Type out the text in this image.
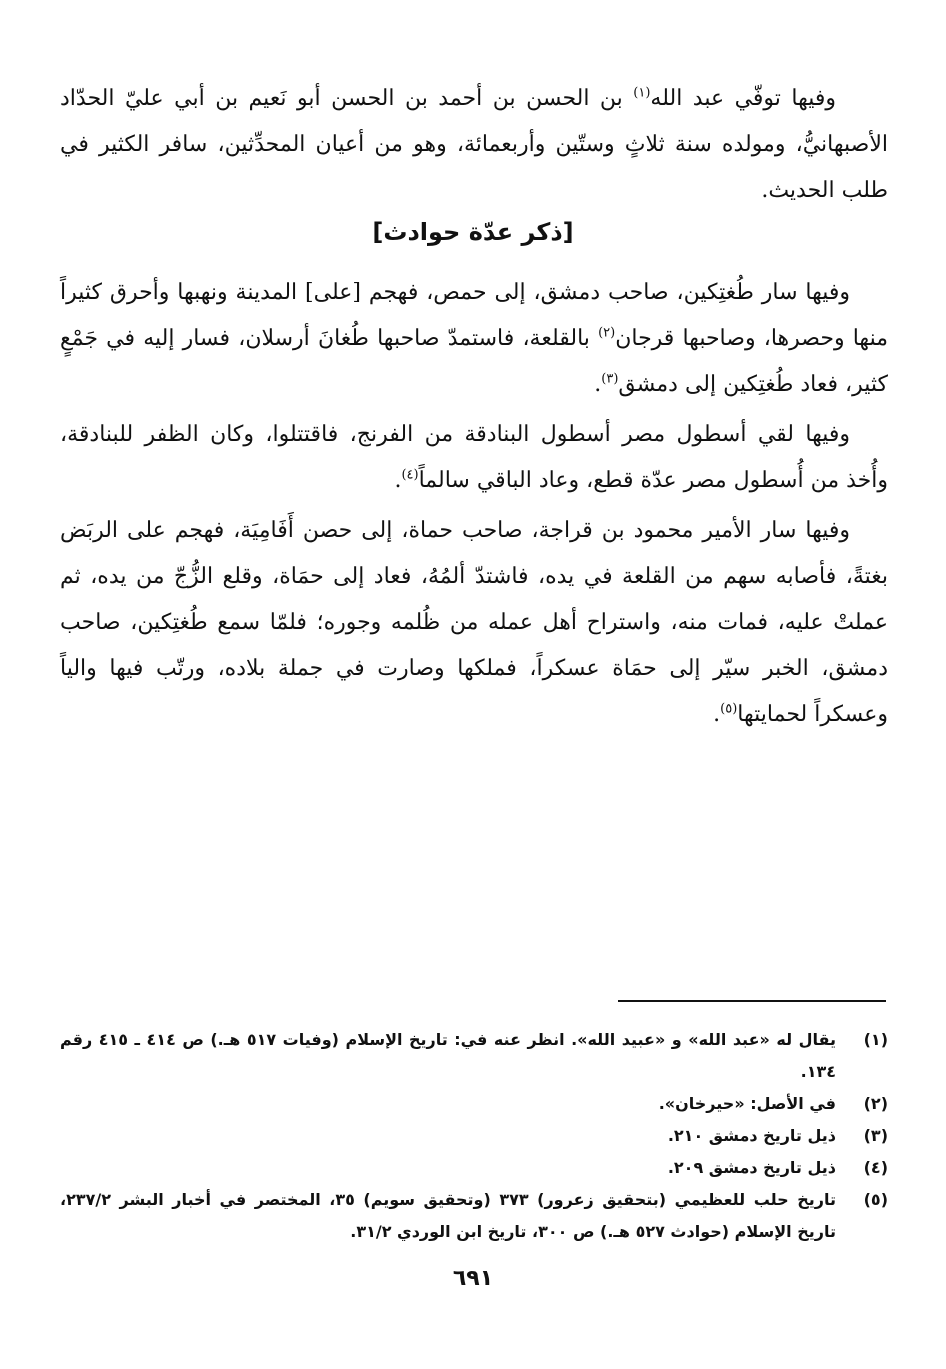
وفيها توفّي عبد الله$^{(١)}$ بن الحسن بن أحمد بن الحسن أبو نَعيم بن أبي عليّ الحدّاد الأصبهانيُّ، ومولده سنة ثلاثٍ وستّين وأربعمائة، وهو من أعيان المحدِّثين، سافر الكثير في طلب الحديث.

[ذكر عدّة حوادث]

وفيها سار طُغتِكين، صاحب دمشق، إلى حمص، فهجم [على] المدينة ونهبها وأحرق كثيراً منها وحصرها، وصاحبها قرجان$^{(٢)}$ بالقلعة، فاستمدّ صاحبها طُغانَ أرسلان، فسار إليه في جَمْعٍ كثير، فعاد طُغتِكين إلى دمشق$^{(٣)}$.

وفيها لقي أسطول مصر أسطول البنادقة من الفرنج، فاقتتلوا، وكان الظفر للبنادقة، وأُخذ من أُسطول مصر عدّة قطع، وعاد الباقي سالماً$^{(٤)}$.

وفيها سار الأمير محمود بن قراجة، صاحب حماة، إلى حصن أَفَامِيَة، فهجم على الربَض بغتةً، فأصابه سهم من القلعة في يده، فاشتدّ ألمُهُ، فعاد إلى حمَاة، وقلع الزُّجّ من يده، ثم عملتْ عليه، فمات منه، واستراح أهل عمله من ظُلمه وجوره؛ فلمّا سمع طُغتِكين، صاحب دمشق، الخبر سيّر إلى حمَاة عسكراً، فملكها وصارت في جملة بلاده، ورتّب فيها والياً وعسكراً لحمايتها$^{(٥)}$.

(١)
يقال له «عبد الله» و «عبيد الله». انظر عنه في: تاريخ الإسلام (وفيات ٥١٧ هـ.) ص ٤١٤ ـ ٤١٥ رقم ١٣٤.
(٢)
في الأصل: «حيرخان».
(٣)
ذيل تاريخ دمشق ٢١٠.
(٤)
ذيل تاريخ دمشق ٢٠٩.
(٥)
تاريخ حلب للعظيمي (بتحقيق زعرور) ٣٧٣ (وتحقيق سويم) ٣٥، المختصر في أخبار البشر ٢٣٧/٢، تاريخ الإسلام (حوادث ٥٢٧ هـ.) ص ٣٠٠، تاريخ ابن الوردي ٣١/٢.
٦٩١
